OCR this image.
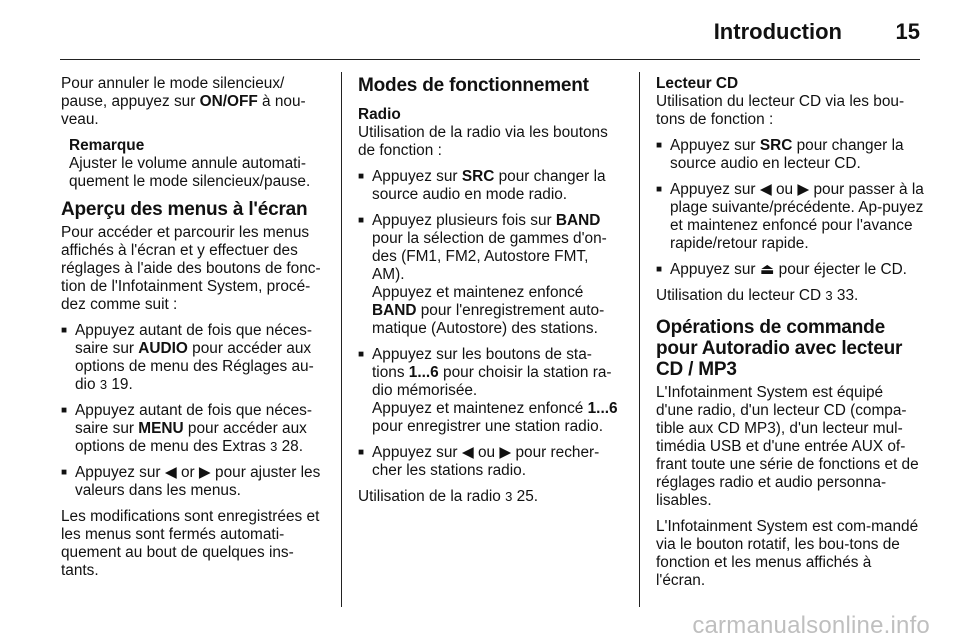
Introduction 15

Pour annuler le mode silencieux/ pause, appuyez sur ON/OFF à nou-veau.

Remarque
Ajuster le volume annule automati-quement le mode silencieux/pause.
Aperçu des menus à l'écran

Pour accéder et parcourir les menus affichés à l'écran et y effectuer des réglages à l'aide des boutons de fonc-tion de l'Infotainment System, procé-dez comme suit :

■ Appuyez autant de fois que néces-saire sur AUDIO pour accéder aux options de menu des Réglages au-dio 3 19.
■ Appuyez autant de fois que néces-saire sur MENU pour accéder aux options de menu des Extras 3 28.
■ Appuyez sur ◀ or ▶ pour ajuster les valeurs dans les menus.

Les modifications sont enregistrées et les menus sont fermés automati-quement au bout de quelques ins-tants.

Modes de fonctionnement
Radio

Utilisation de la radio via les boutons de fonction :

■ Appuyez sur SRC pour changer la source audio en mode radio.
■ Appuyez plusieurs fois sur BAND pour la sélection de gammes d'on-des (FM1, FM2, Autostore FMT, AM).

Appuyez et maintenez enfoncé BAND pour l'enregistrement auto-matique (Autostore) des stations.

■ Appuyez sur les boutons de sta-tions 1...6 pour choisir la station ra-dio mémorisée.

Appuyez et maintenez enfoncé 1...6 pour enregistrer une station radio.

■ Appuyez sur ◀ ou ▶ pour recher-cher les stations radio.

Utilisation de la radio 3 25.

Lecteur CD

Utilisation du lecteur CD via les bou-tons de fonction :

■ Appuyez sur SRC pour changer la source audio en lecteur CD.
■ Appuyez sur ◀ ou ▶ pour passer à la plage suivante/précédente. Ap-puyez et maintenez enfoncé pour l'avance rapide/retour rapide.
■ Appuyez sur ⏏ pour éjecter le CD.

Utilisation du lecteur CD 3 33.

Opérations de commande pour Autoradio avec lecteur CD / MP3

L'Infotainment System est équipé d'une radio, d'un lecteur CD (compa-tible aux CD MP3), d'un lecteur mul-timédia USB et d'une entrée AUX of-frant toute une série de fonctions et de réglages radio et audio personna-lisables.

L'Infotainment System est com-mandé via le bouton rotatif, les bou-tons de fonction et les menus affichés à l'écran.

carmanualsonline.info
